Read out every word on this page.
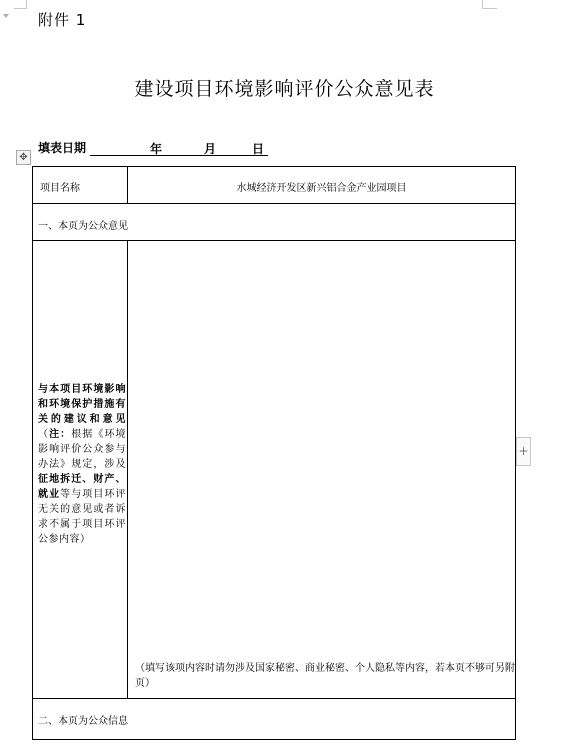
附件 1
建设项目环境影响评价公众意见表
✥
填表日期	年	月	日
项目名称	水城经济开发区新兴铝合金产业园项目
一、本页为公众意见
与本项目环境影响和环境保护措施有关的建议和意见（注：根据《环境影响评价公众参与办法》规定，涉及征地拆迁、财产、就业等与项目环评无关的意见或者诉求不属于项目环评公参内容）
（填写该项内容时请勿涉及国家秘密、商业秘密、个人隐私等内容，若本页不够可另附页）
二、本页为公众信息
+
